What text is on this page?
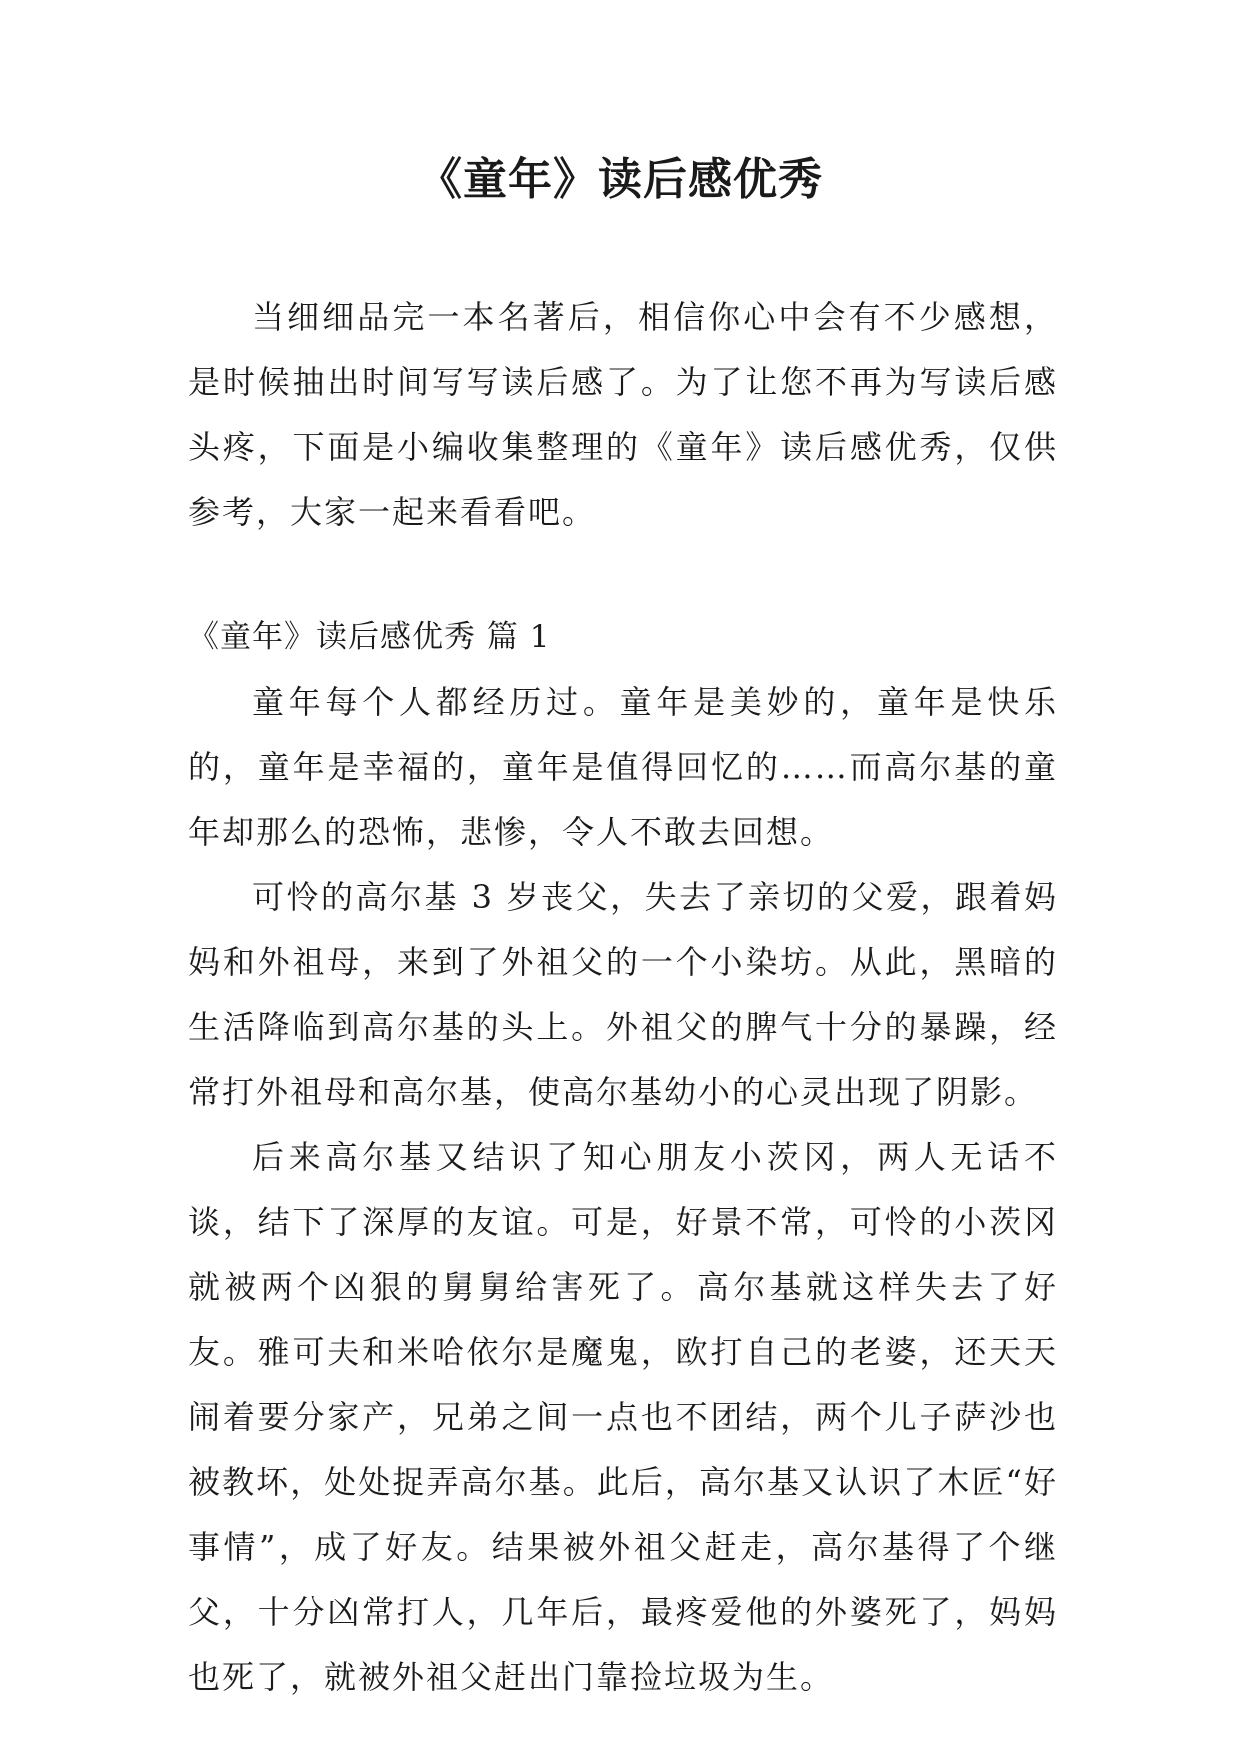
《童年》读后感优秀

当细细品完一本名著后，相信你心中会有不少感想，是时候抽出时间写写读后感了。为了让您不再为写读后感头疼，下面是小编收集整理的《童年》读后感优秀，仅供参考，大家一起来看看吧。

《童年》读后感优秀 篇 1

童年每个人都经历过。童年是美妙的，童年是快乐的，童年是幸福的，童年是值得回忆的……而高尔基的童年却那么的恐怖，悲惨，令人不敢去回想。

可怜的高尔基 3 岁丧父，失去了亲切的父爱，跟着妈妈和外祖母，来到了外祖父的一个小染坊。从此，黑暗的生活降临到高尔基的头上。外祖父的脾气十分的暴躁，经常打外祖母和高尔基，使高尔基幼小的心灵出现了阴影。

后来高尔基又结识了知心朋友小茨冈，两人无话不谈，结下了深厚的友谊。可是，好景不常，可怜的小茨冈就被两个凶狠的舅舅给害死了。高尔基就这样失去了好友。雅可夫和米哈依尔是魔鬼，欧打自己的老婆，还天天闹着要分家产，兄弟之间一点也不团结，两个儿子萨沙也被教坏，处处捉弄高尔基。此后，高尔基又认识了木匠“好事情”，成了好友。结果被外祖父赶走，高尔基得了个继父，十分凶常打人，几年后，最疼爱他的外婆死了，妈妈也死了，就被外祖父赶出门靠捡垃圾为生。
